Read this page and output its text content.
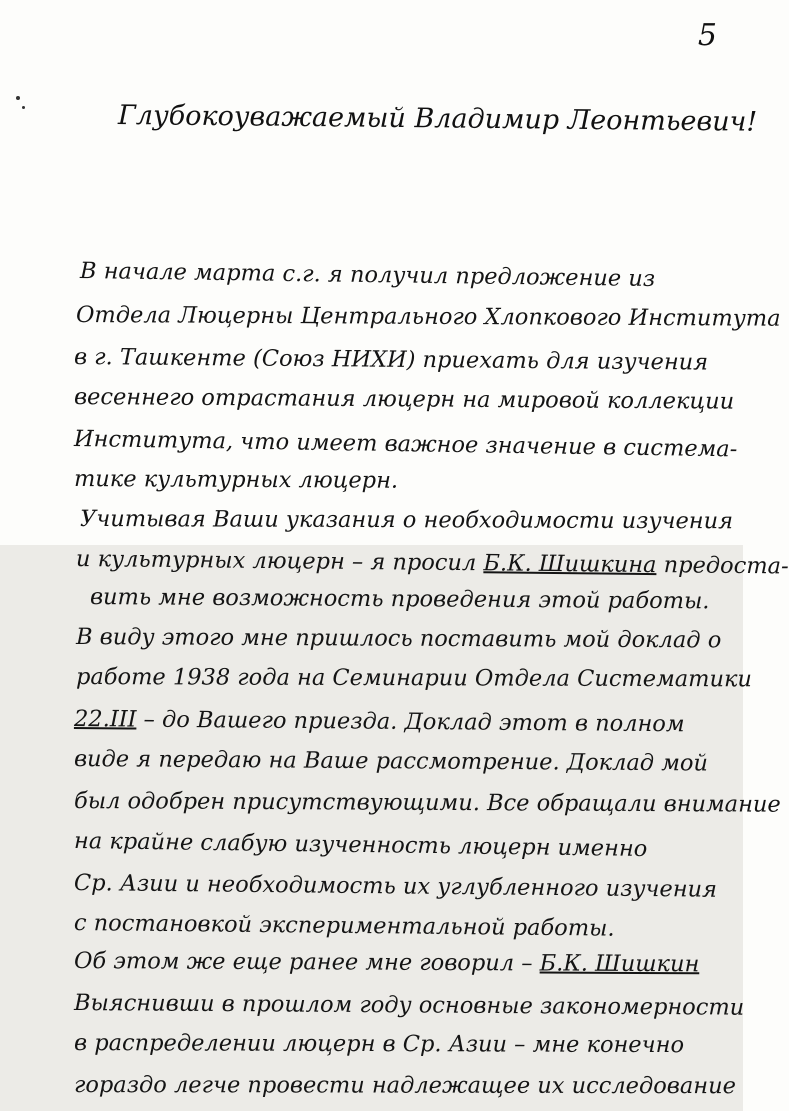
5
Глубокоуважаемый Владимир Леонтьевич!
В начале марта с.г. я получил предложение из
Отдела Люцерны Центрального Хлопкового Института
в г. Ташкенте (Союз НИХИ) приехать для изучения
весеннего отрастания люцерн на мировой коллекции
Института, что имеет важное значение в система-
тике культурных люцерн.
Учитывая Ваши указания о необходимости изучения
и культурных люцерн – я просил Б.К. Шишкина предоста-
вить мне возможность проведения этой работы.
В виду этого мне пришлось поставить мой доклад о
работе 1938 года на Семинарии Отдела Систематики
22.III – до Вашего приезда. Доклад этот в полном
виде я передаю на Ваше рассмотрение. Доклад мой
был одобрен присутствующими. Все обращали внимание
на крайне слабую изученность люцерн именно
Ср. Азии и необходимость их углубленного изучения
с постановкой экспериментальной работы.
Об этом же еще ранее мне говорил – Б.К. Шишкин
Выяснивши в прошлом году основные закономерности
в распределении люцерн в Ср. Азии – мне конечно
гораздо легче провести надлежащее их исследование
